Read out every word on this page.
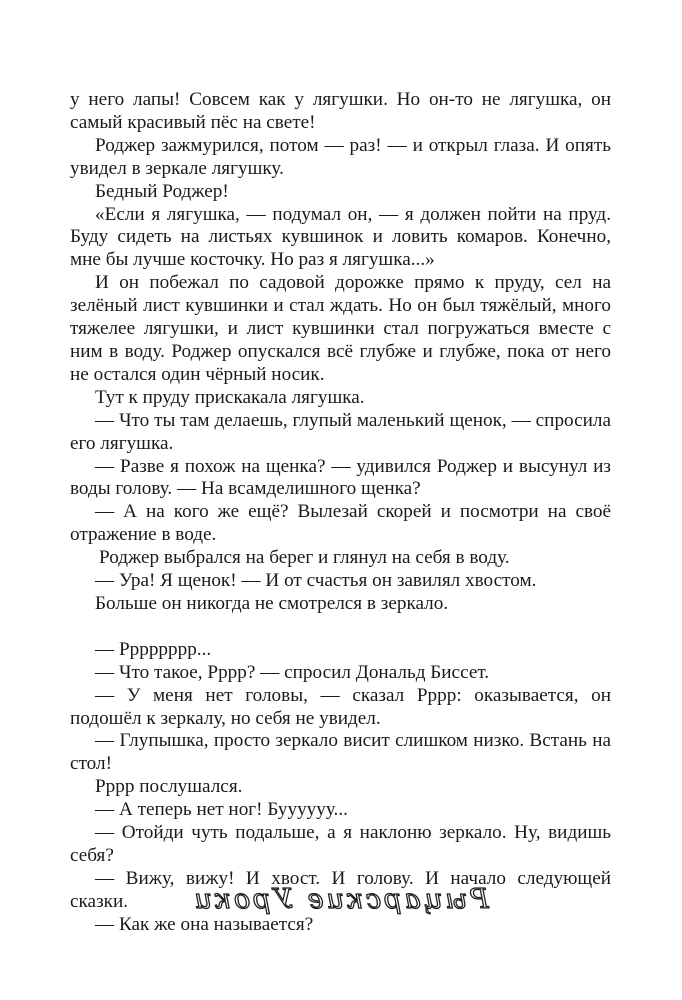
у него лапы! Совсем как у лягушки. Но он-то не лягушка, он самый красивый пёс на свете!

Роджер зажмурился, потом — раз! — и открыл глаза. И опять увидел в зеркале лягушку.

Бедный Роджер!

«Если я лягушка, — подумал он, — я должен пойти на пруд. Буду сидеть на листьях кувшинок и ловить комаров. Конечно, мне бы лучше косточку. Но раз я лягушка...»

И он побежал по садовой дорожке прямо к пруду, сел на зелёный лист кувшинки и стал ждать. Но он был тяжёлый, много тяжелее лягушки, и лист кувшинки стал погружаться вместе с ним в воду. Роджер опускался всё глубже и глубже, пока от него не остался один чёрный носик.

Тут к пруду прискакала лягушка.

— Что ты там делаешь, глупый маленький щенок, — спросила его лягушка.

— Разве я похож на щенка? — удивился Роджер и высунул из воды голову. — На всамделишного щенка?

— А на кого же ещё? Вылезай скорей и посмотри на своё отражение в воде.

Роджер выбрался на берег и глянул на себя в воду.

— Ура! Я щенок! — И от счастья он завилял хвостом.

Больше он никогда не смотрелся в зеркало.

— Рррррррр...

— Что такое, Рррр? — спросил Дональд Биссет.

— У меня нет головы, — сказал Рррр: оказывается, он подошёл к зеркалу, но себя не увидел.

— Глупышка, просто зеркало висит слишком низко. Встань на стол!

Рррр послушался.

— А теперь нет ног! Буууууу...

— Отойди чуть подальше, а я наклоню зеркало. Ну, видишь себя?

— Вижу, вижу! И хвост. И голову. И начало следующей сказки.

— Как же она называется?

Рыцарские Уроки
